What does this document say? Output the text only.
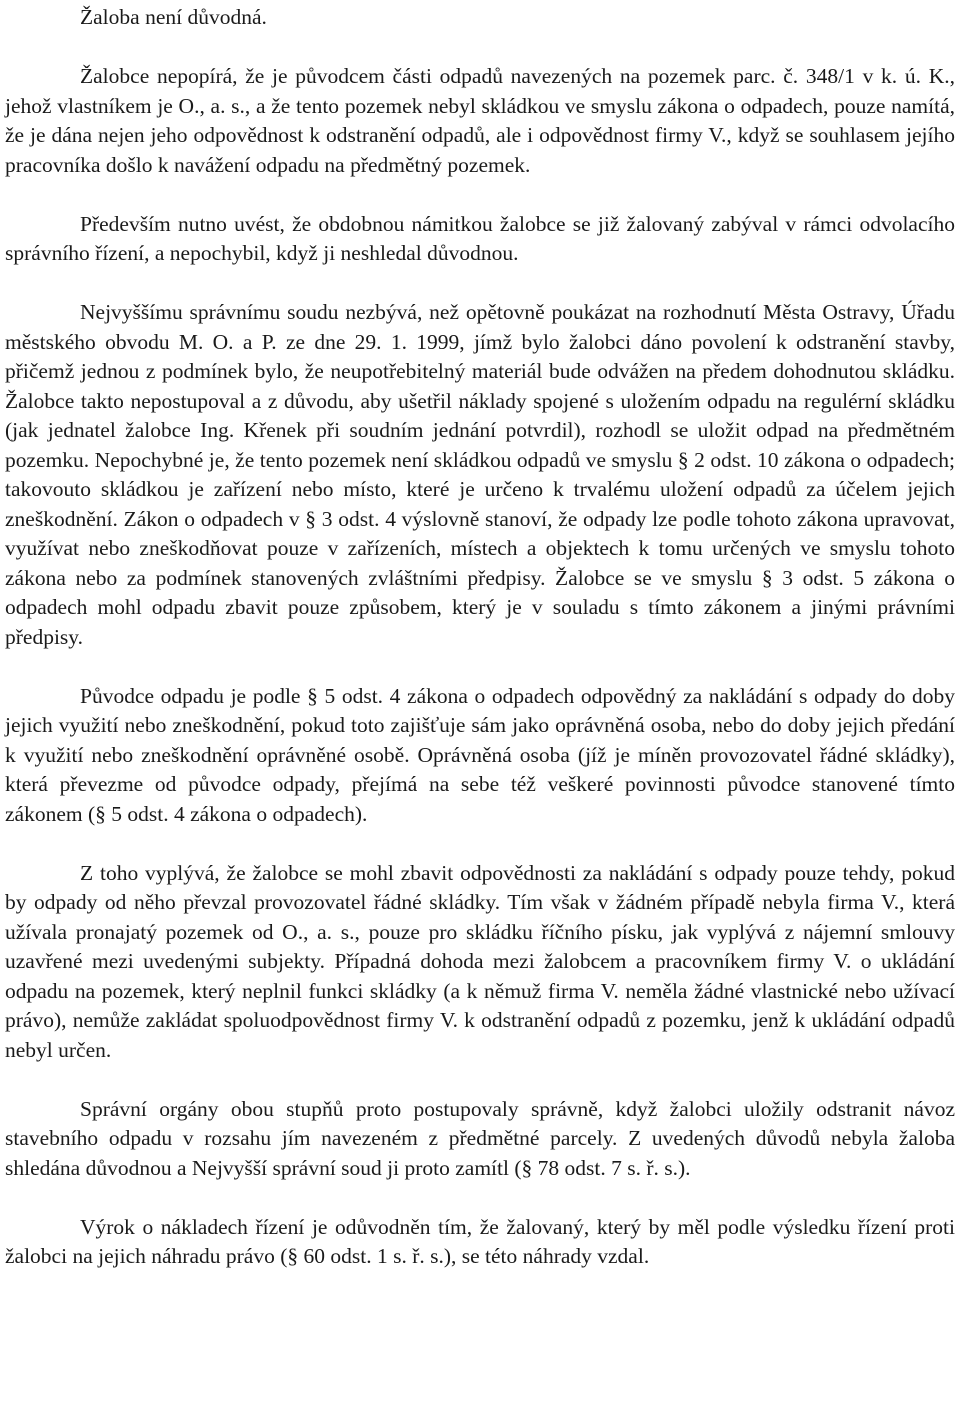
Žaloba není důvodná.

Žalobce nepopírá, že je původcem části odpadů navezených na pozemek parc. č. 348/1 v k. ú. K., jehož vlastníkem je O., a. s., a že tento pozemek nebyl skládkou ve smyslu zákona o odpadech, pouze namítá, že je dána nejen jeho odpovědnost k odstranění odpadů, ale i odpovědnost firmy V., když se souhlasem jejího pracovníka došlo k navážení odpadu na předmětný pozemek.

Především nutno uvést, že obdobnou námitkou žalobce se již žalovaný zabýval v rámci odvolacího správního řízení, a nepochybil, když ji neshledal důvodnou.

Nejvyššímu správnímu soudu nezbývá, než opětovně poukázat na rozhodnutí Města Ostravy, Úřadu městského obvodu M. O. a P. ze dne 29. 1. 1999, jímž bylo žalobci dáno povolení k odstranění stavby, přičemž jednou z podmínek bylo, že neupotřebitelný materiál bude odvážen na předem dohodnutou skládku. Žalobce takto nepostupoval a z důvodu, aby ušetřil náklady spojené s uložením odpadu na regulérní skládku (jak jednatel žalobce Ing. Křenek při soudním jednání potvrdil), rozhodl se uložit odpad na předmětném pozemku. Nepochybné je, že tento pozemek není skládkou odpadů ve smyslu § 2 odst. 10 zákona o odpadech; takovouto skládkou je zařízení nebo místo, které je určeno k trvalému uložení odpadů za účelem jejich zneškodnění. Zákon o odpadech v § 3 odst. 4 výslovně stanoví, že odpady lze podle tohoto zákona upravovat, využívat nebo zneškodňovat pouze v zařízeních, místech a objektech k tomu určených ve smyslu tohoto zákona nebo za podmínek stanovených zvláštními předpisy. Žalobce se ve smyslu § 3 odst. 5 zákona o odpadech mohl odpadu zbavit pouze způsobem, který je v souladu s tímto zákonem a jinými právními předpisy.

Původce odpadu je podle § 5 odst. 4 zákona o odpadech odpovědný za nakládání s odpady do doby jejich využití nebo zneškodnění, pokud toto zajišťuje sám jako oprávněná osoba, nebo do doby jejich předání k využití nebo zneškodnění oprávněné osobě. Oprávněná osoba (jíž je míněn provozovatel řádné skládky), která převezme od původce odpady, přejímá na sebe též veškeré povinnosti původce stanovené tímto zákonem (§ 5 odst. 4 zákona o odpadech).

Z toho vyplývá, že žalobce se mohl zbavit odpovědnosti za nakládání s odpady pouze tehdy, pokud by odpady od něho převzal provozovatel řádné skládky. Tím však v žádném případě nebyla firma V., která užívala pronajatý pozemek od O., a. s., pouze pro skládku říčního písku, jak vyplývá z nájemní smlouvy uzavřené mezi uvedenými subjekty. Případná dohoda mezi žalobcem a pracovníkem firmy V. o ukládání odpadu na pozemek, který neplnil funkci skládky (a k němuž firma V. neměla žádné vlastnické nebo užívací právo), nemůže zakládat spoluodpovědnost firmy V. k odstranění odpadů z pozemku, jenž k ukládání odpadů nebyl určen.

Správní orgány obou stupňů proto postupovaly správně, když žalobci uložily odstranit návoz stavebního odpadu v rozsahu jím navezeném z předmětné parcely. Z uvedených důvodů nebyla žaloba shledána důvodnou a Nejvyšší správní soud ji proto zamítl (§ 78 odst. 7 s. ř. s.).

Výrok o nákladech řízení je odůvodněn tím, že žalovaný, který by měl podle výsledku řízení proti žalobci na jejich náhradu právo (§ 60 odst. 1 s. ř. s.), se této náhrady vzdal.
